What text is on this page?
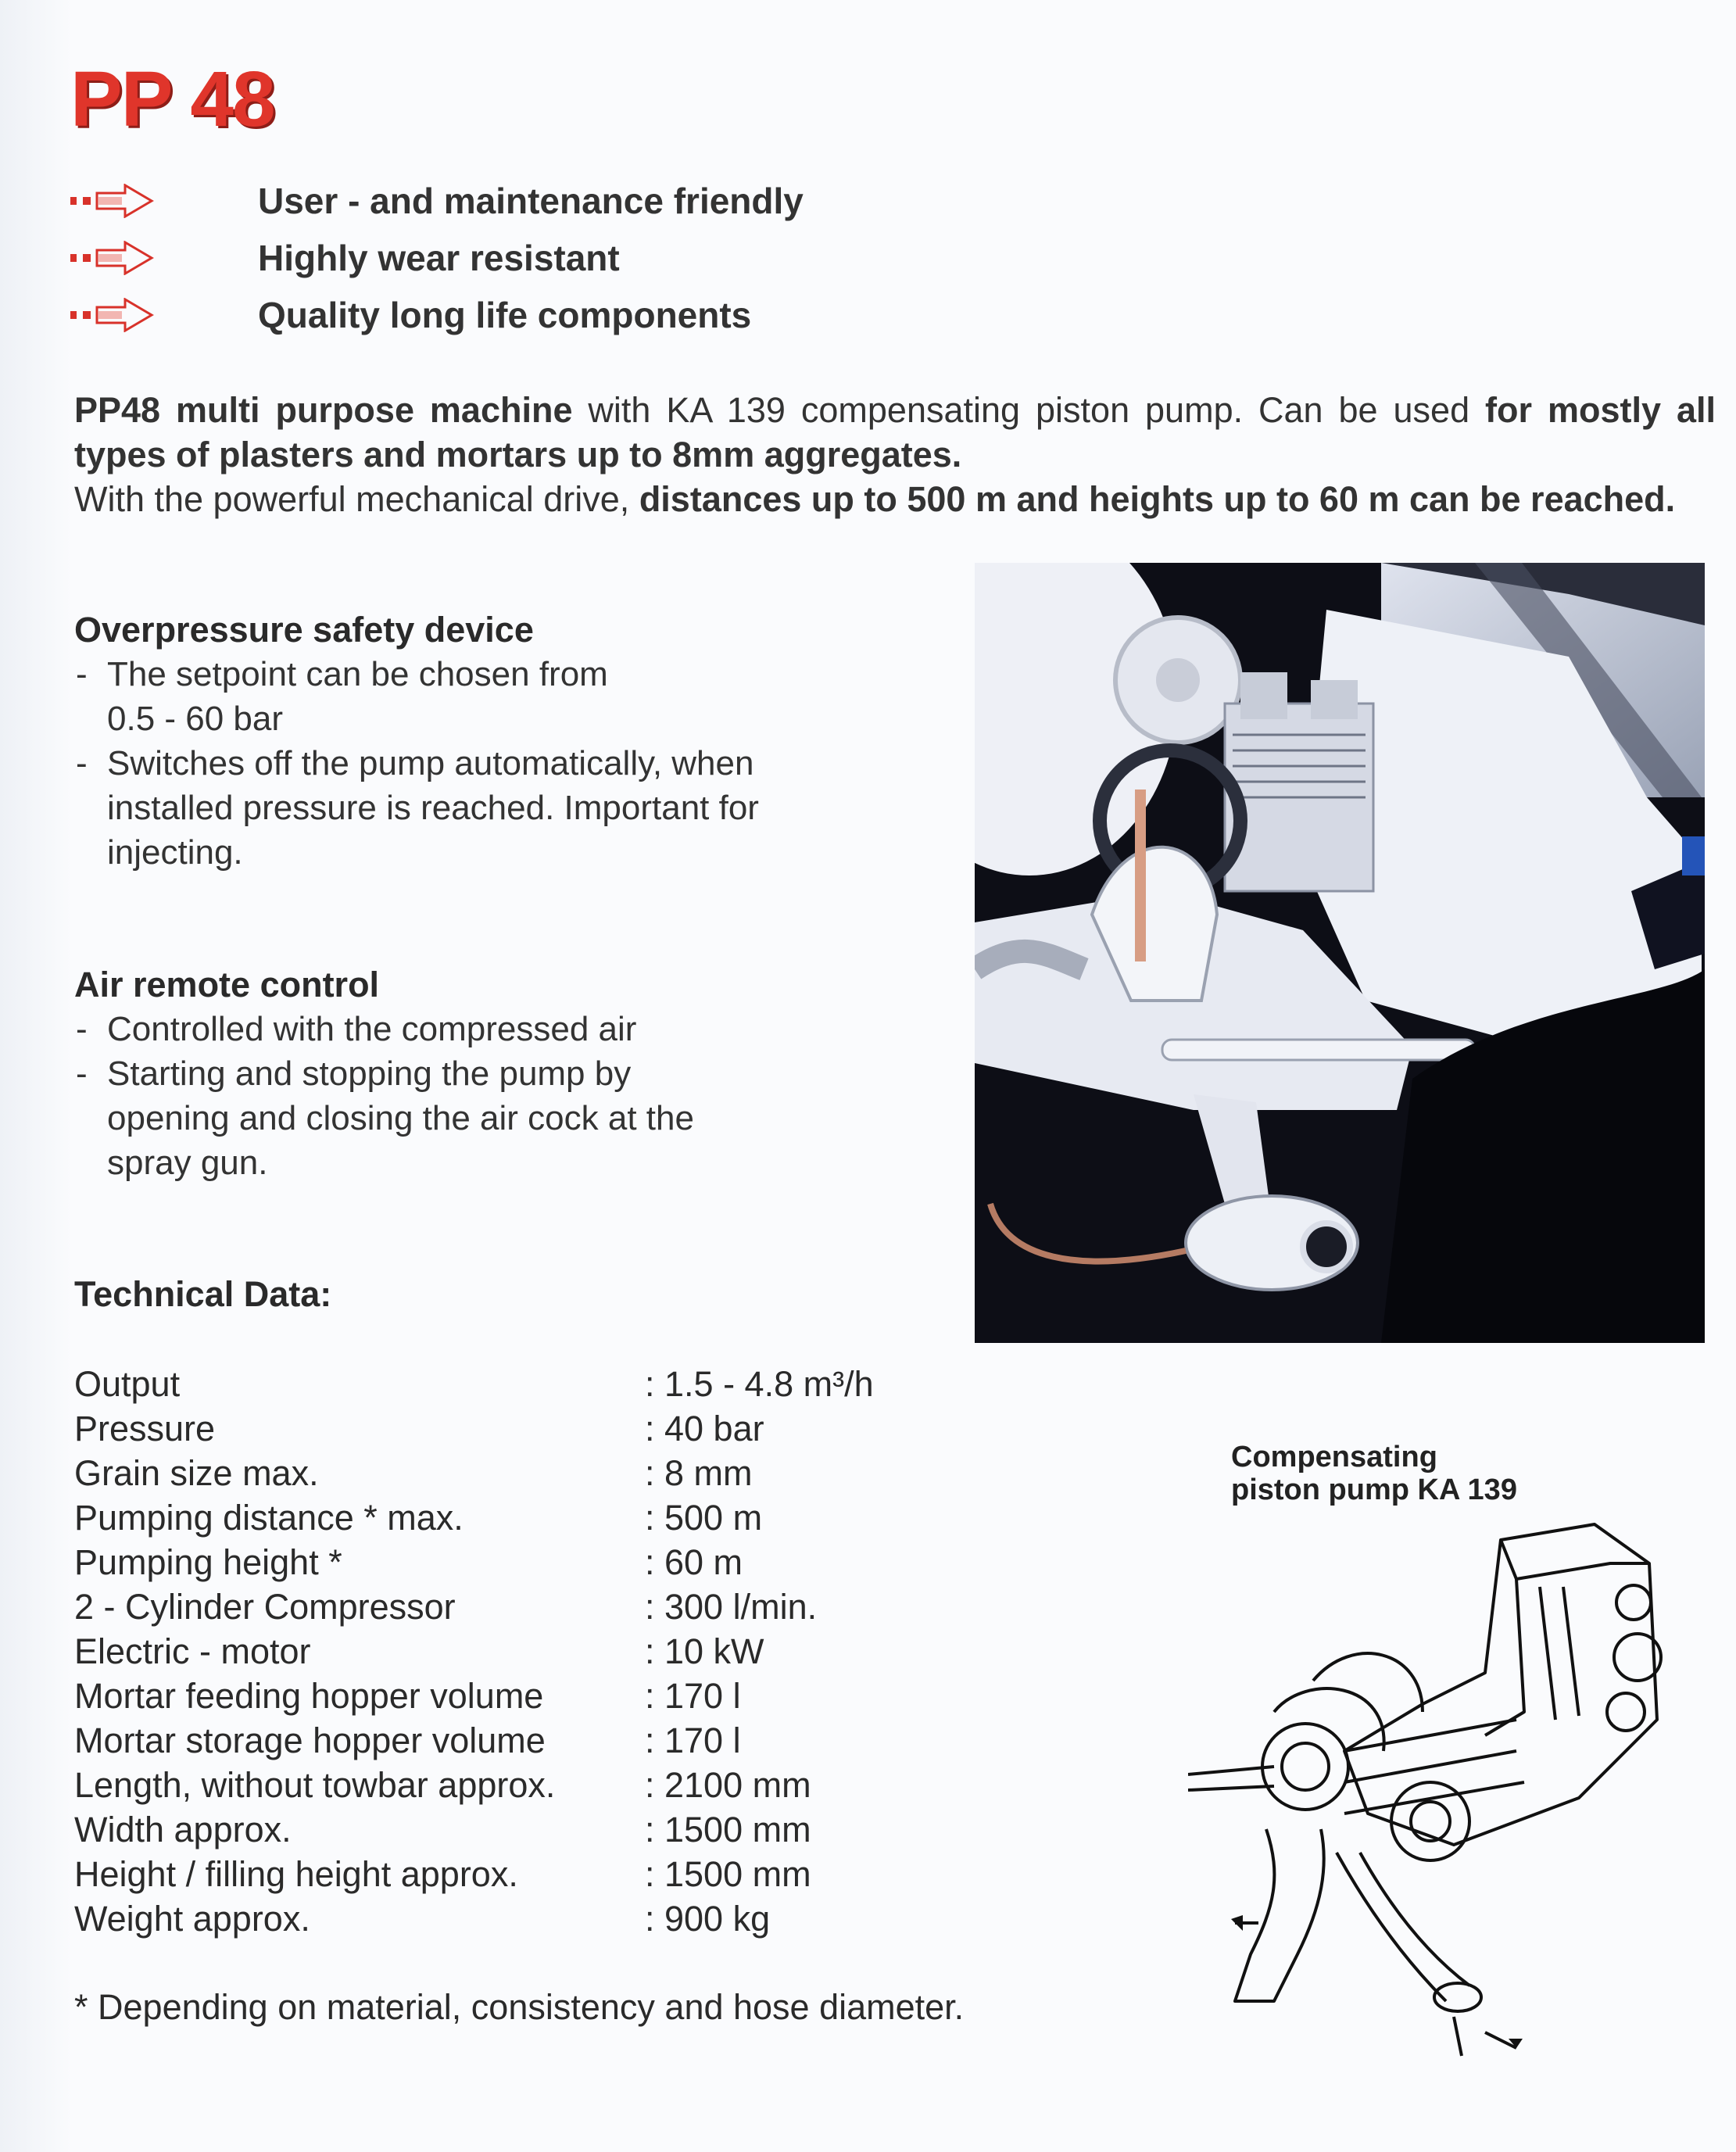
PP 48
User - and maintenance friendly
Highly wear resistant
Quality long life components

PP48 multi purpose machine with KA 139 compensating piston pump. Can be used for mostly all types of plasters and mortars up to 8mm aggregates.
With the powerful mechanical drive, distances up to 500 m and heights up to 60 m can be reached.

Overpressure safety device
- The setpoint can be chosen from 0.5 - 60 bar
- Switches off the pump automatically, when installed pressure is reached. Important for injecting.
Air remote control
- Controlled with the compressed air
- Starting and stopping the pump by opening and closing the air cock at the spray gun.
Technical Data:
Output	: 1.5 - 4.8 m³/h
Pressure	: 40 bar
Grain size max.	: 8 mm
Pumping distance * max.	: 500 m
Pumping height *	: 60 m
2 - Cylinder Compressor	: 300 l/min.
Electric - motor	: 10 kW
Mortar feeding hopper volume	: 170 l
Mortar storage hopper volume	: 170 l
Length, without towbar approx.	: 2100 mm
Width approx.	: 1500 mm
Height / filling height approx.	: 1500 mm
Weight approx.	: 900 kg
* Depending on material, consistency and hose diameter.
Compensating
piston pump KA 139
